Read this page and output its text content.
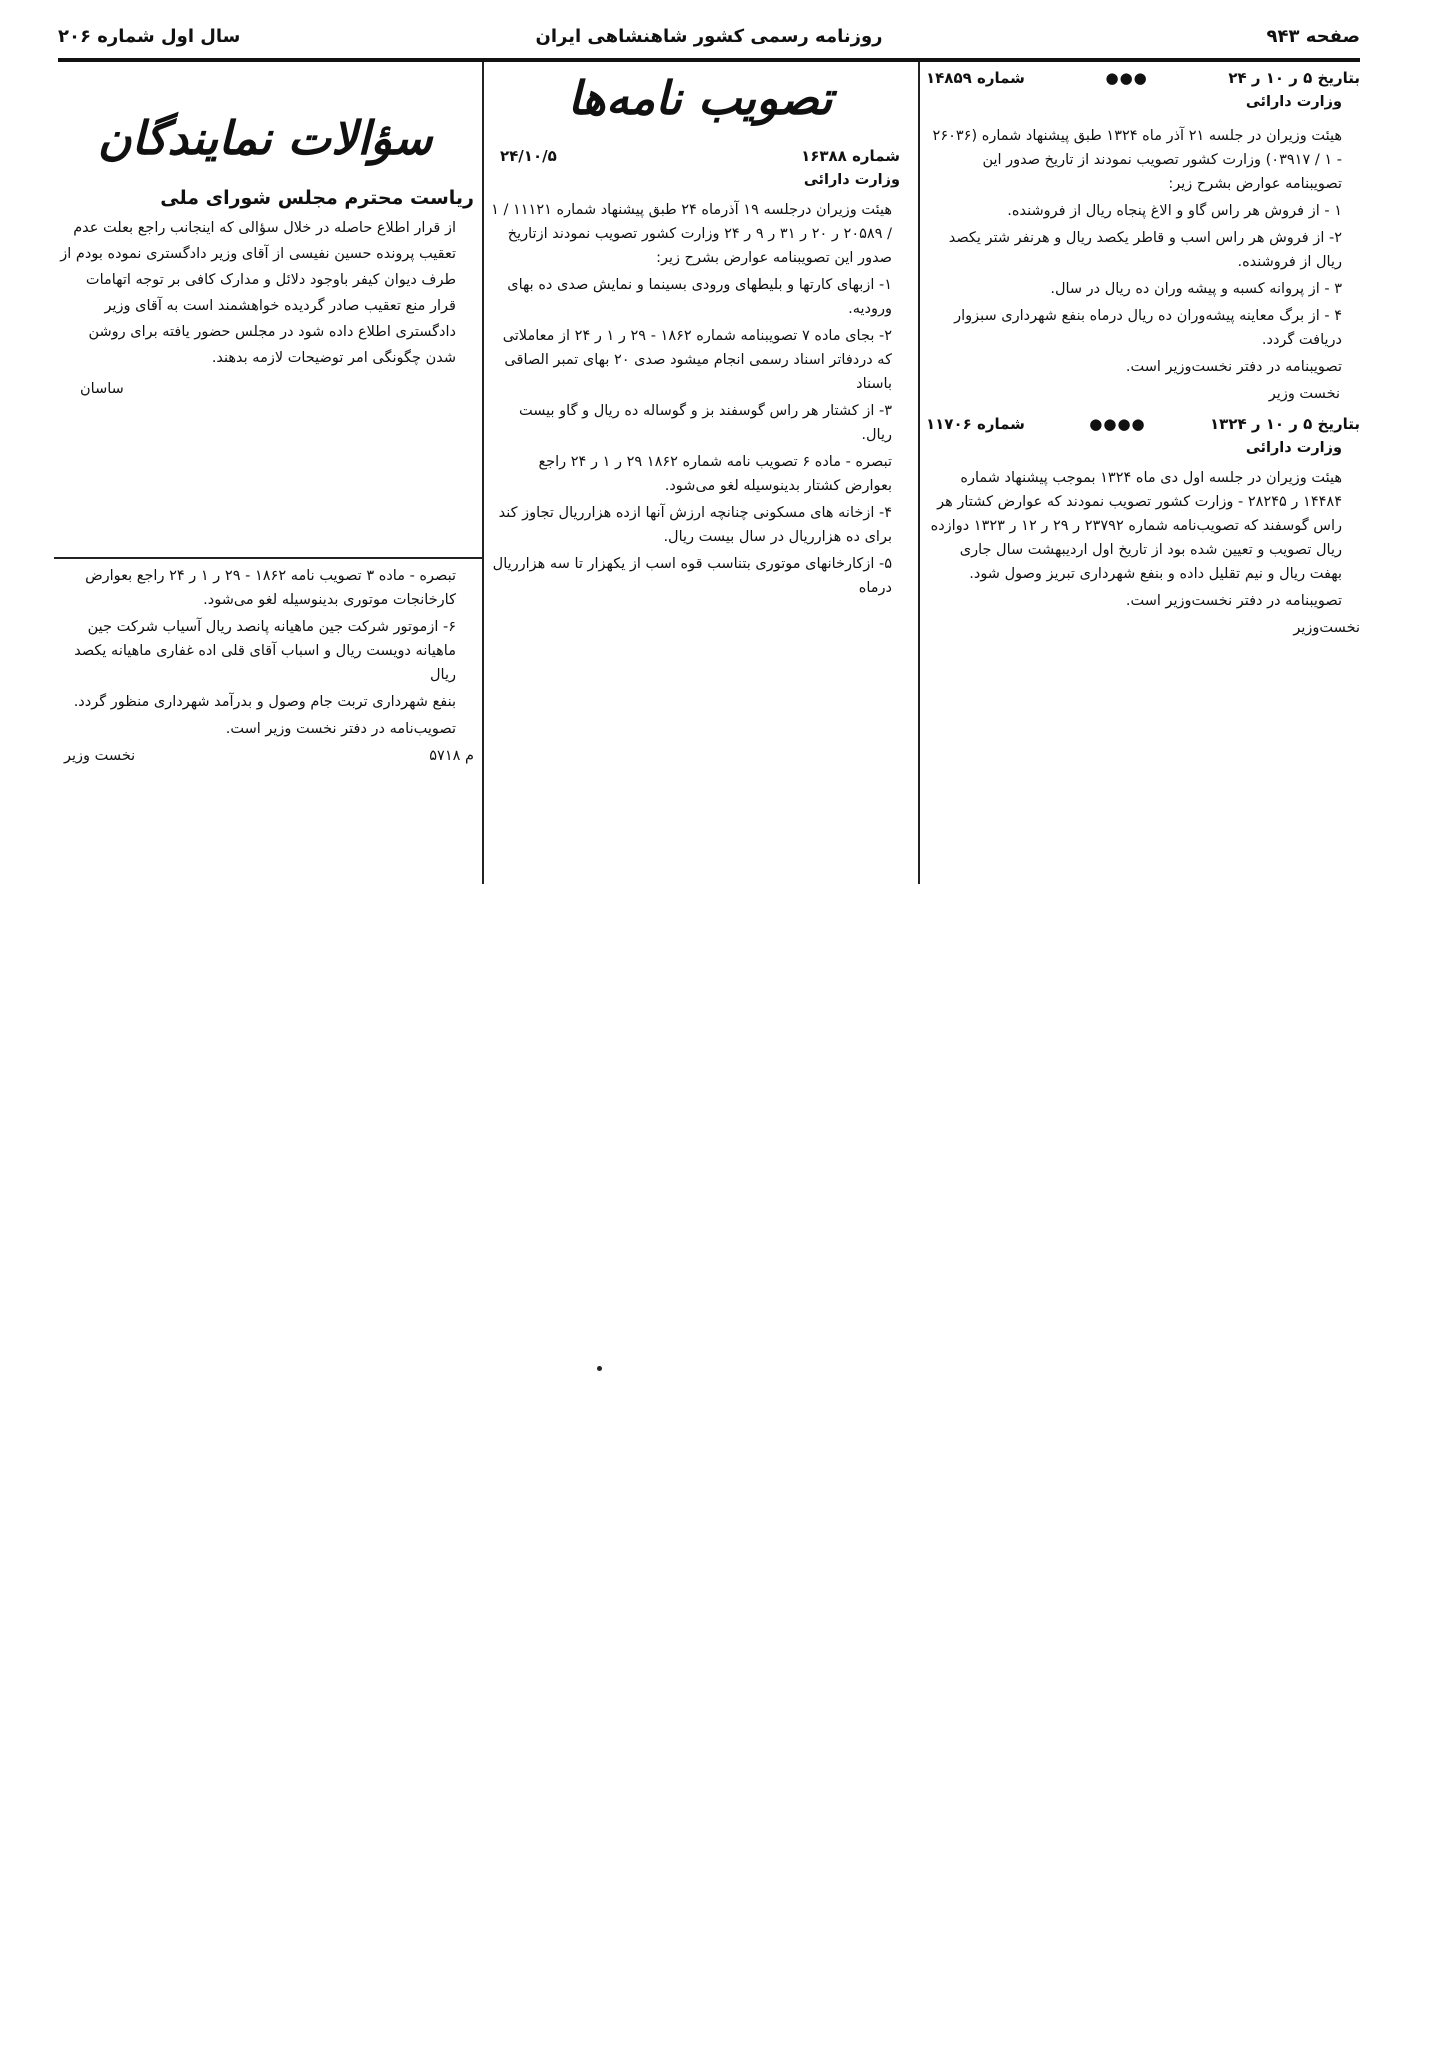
صفحه ۹۴۳
روزنامه رسمی کشور شاهنشاهی ایران
سال اول شماره ۲۰۶
بتاریخ ۵ ر ۱۰ ر ۲۴
●●●
شماره ۱۴۸۵۹

وزارت دارائی

هیئت وزیران در جلسه ۲۱ آذر ماه ۱۳۲۴ طبق پیشنهاد شماره (۲۶۰۳۶ - ۱ / ۰۳۹۱۷) وزارت کشور تصویب نمودند از تاریخ صدور این تصویبنامه عوارض بشرح زیر:

۱ - از فروش هر راس گاو و الاغ پنجاه ریال از فروشنده.

۲- از فروش هر راس اسب و قاطر یکصد ریال و هرنفر شتر یکصد ریال از فروشنده.

۳ - از پروانه کسبه و پیشه وران ده ریال در سال.

۴ - از برگ معاینه پیشه‌وران ده ریال درماه بنفع شهرداری سبزوار دریافت گردد.

تصویبنامه در دفتر نخست‌وزیر است.

نخست وزیر

بتاریخ ۵ ر ۱۰ ر ۱۳۲۴
●●●●
شماره ۱۱۷۰۶

وزارت دارائی

هیئت وزیران در جلسه اول دی ماه ۱۳۲۴ بموجب پیشنهاد شماره ۱۴۴۸۴ ر ۲۸۲۴۵ - وزارت کشور تصویب نمودند که عوارض کشتار هر راس گوسفند که تصویب‌نامه شماره ۲۳۷۹۲ ر ۲۹ ر ۱۲ ر ۱۳۲۳ دوازده ریال تصویب و تعیین شده بود از تاریخ اول اردیبهشت سال جاری بهفت ریال و نیم تقلیل داده و بنفع شهرداری تبریز وصول شود.

تصویبنامه در دفتر نخست‌وزیر است.

نخست‌وزیر

تصویب نامه‌ها
شماره ۱۶۳۸۸
۲۴/۱۰/۵

وزارت دارائی

هیئت وزیران درجلسه ۱۹ آذرماه ۲۴ طبق پیشنهاد شماره ۱۱۱۲۱ / ۱ / ۲۰۵۸۹ ر ۲۰ ر ۳۱ ر ۹ ر ۲۴ وزارت کشور تصویب نمودند ازتاریخ صدور این تصویبنامه عوارض بشرح زیر:

۱- ازبهای کارتها و بلیطهای ورودی بسینما و نمایش صدی ده بهای ورودیه.

۲- بجای ماده ۷ تصویبنامه شماره ۱۸۶۲ - ۲۹ ر ۱ ر ۲۴ از معاملاتی که دردفاتر اسناد رسمی انجام میشود صدی ۲۰ بهای تمبر الصاقی باسناد

۳- از کشتار هر راس گوسفند بز و گوساله ده ریال و گاو بیست ریال.

تبصره - ماده ۶ تصویب نامه شماره ۱۸۶۲ ۲۹ ر ۱ ر ۲۴ راجع بعوارض کشتار بدینوسیله لغو می‌شود.

۴- ازخانه های مسکونی چنانچه ارزش آنها ازده هزارریال تجاوز کند برای ده هزارریال در سال بیست ریال.

۵- ازکارخانهای موتوری بتناسب قوه اسب از یکهزار تا سه هزارریال درماه

سؤالات نمایندگان

ریاست محترم مجلس شورای ملی

از قرار اطلاع حاصله در خلال سؤالی که اینجانب راجع بعلت عدم تعقیب پرونده حسین نفیسی از آقای وزیر دادگستری نموده بودم از طرف دیوان کیفر باوجود دلائل و مدارک کافی بر توجه اتهامات قرار منع تعقیب صادر گردیده خواهشمند است به آقای وزیر دادگستری اطلاع داده شود در مجلس حضور یافته برای روشن شدن چگونگی امر توضیحات لازمه بدهند.

ساسان

تبصره - ماده ۳ تصویب نامه ۱۸۶۲ - ۲۹ ر ۱ ر ۲۴ راجع بعوارض کارخانجات موتوری بدینوسیله لغو می‌شود.

۶- ازموتور شرکت جین ماهیانه پانصد ریال آسیاب شرکت جین ماهیانه دویست ریال و اسباب آقای قلی اده غفاری ماهیانه یکصد ریال

بنفع شهرداری تربت جام وصول و بدرآمد شهرداری منظور گردد.

تصویب‌نامه در دفتر نخست وزیر است.

م ۵۷۱۸
نخست وزیر
